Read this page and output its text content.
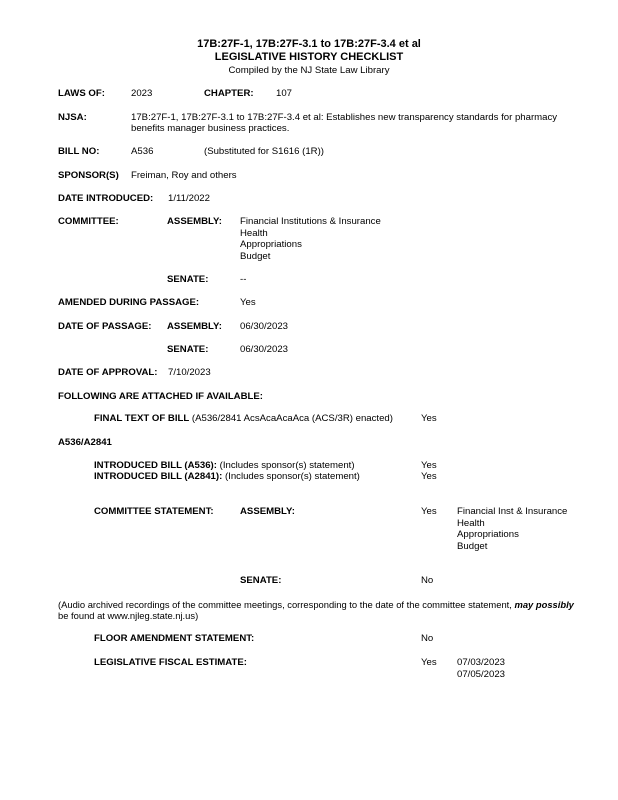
17B:27F-1, 17B:27F-3.1 to 17B:27F-3.4 et al
LEGISLATIVE HISTORY CHECKLIST
Compiled by the NJ State Law Library
LAWS OF:	2023	CHAPTER: 107
NJSA:	17B:27F-1, 17B:27F-3.1 to 17B:27F-3.4 et al: Establishes new transparency standards for pharmacy
benefits manager business practices.
BILL NO:	A536	(Substituted for S1616 (1R))
SPONSOR(S) Freiman, Roy and others
DATE INTRODUCED: 1/11/2022
COMMITTEE:	ASSEMBLY: Financial Institutions & Insurance
Health
Appropriations
Budget
SENATE:	--
AMENDED DURING PASSAGE:	Yes
DATE OF PASSAGE: ASSEMBLY: 06/30/2023
SENATE:	06/30/2023
DATE OF APPROVAL: 7/10/2023
FOLLOWING ARE ATTACHED IF AVAILABLE:
FINAL TEXT OF BILL (A536/2841 AcsAcaAcaAca (ACS/3R) enacted)	Yes
A536/A2841
INTRODUCED BILL (A536): (Includes sponsor(s) statement)	Yes
INTRODUCED BILL (A2841): (Includes sponsor(s) statement)	Yes
COMMITTEE STATEMENT:	ASSEMBLY:	Yes Financial Inst & Insurance
Health
Appropriations
Budget
SENATE:	No
(Audio archived recordings of the committee meetings, corresponding to the date of the committee statement, may possibly
be found at www.njleg.state.nj.us)
FLOOR AMENDMENT STATEMENT:	No
LEGISLATIVE FISCAL ESTIMATE:	Yes 07/03/2023
07/05/2023
